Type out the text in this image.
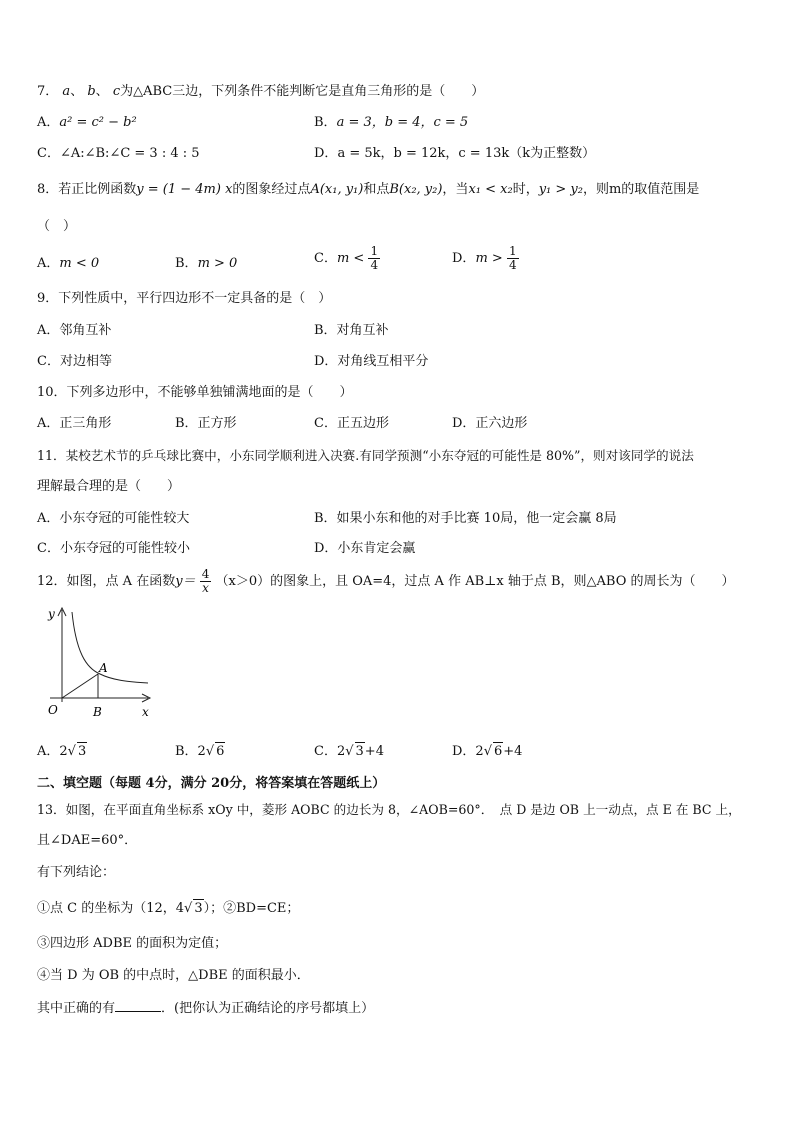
7． a、 b、 c为△ABC三边，下列条件不能判断它是直角三角形的是（　　）
A．a² = c² − b²	B．a = 3，b = 4，c = 5
C．∠A:∠B:∠C = 3 : 4 : 5	D．a = 5k，b = 12k，c = 13k（k为正整数）
8．若正比例函数y = (1 − 4m) x的图象经过点A(x₁, y₁)和点B(x₂, y₂)，当x₁ < x₂时，y₁ > y₂，则m的取值范围是
（　）
A．m < 0	B．m > 0	C．$m < \frac{1}{4}$	D．$m > \frac{1}{4}$
9．下列性质中，平行四边形不一定具备的是（　）
A．邻角互补	B．对角互补
C．对边相等	D．对角线互相平分
10．下列多边形中，不能够单独铺满地面的是（　　）
A．正三角形	B．正方形	C．正五边形	D．正六边形
11．某校艺术节的乒乓球比赛中，小东同学顺利进入决赛.有同学预测“小东夺冠的可能性是 80%”，则对该同学的说法
理解最合理的是（　　）
A．小东夺冠的可能性较大	B．如果小东和他的对手比赛 10局，他一定会赢 8局
C．小东夺冠的可能性较小	D．小东肯定会赢
12．如图，点 A 在函数$y= \frac{4}{x} (x>0)$的图象上，且 OA=4，过点 A 作 AB⊥x 轴于点 B，则△ABO 的周长为（　　）
y
x
O
A
B
A．2√ 3	B．2√ 6	C．2√ 3+4	D．2√ 6+4
二、填空题（每题 4分，满分 20分，将答案填在答题纸上）
13．如图，在平面直角坐标系 xOy 中，菱形 AOBC 的边长为 8，∠AOB=60°．　点 D 是边 OB 上一动点，点 E 在 BC 上，
且∠DAE=60°．
有下列结论：
①点 C 的坐标为（12，4√ 3）；②BD=CE；
③四边形 ADBE 的面积为定值；
④当 D 为 OB 的中点时，△DBE 的面积最小．
其中正确的有	．(把你认为正确结论的序号都填上）
